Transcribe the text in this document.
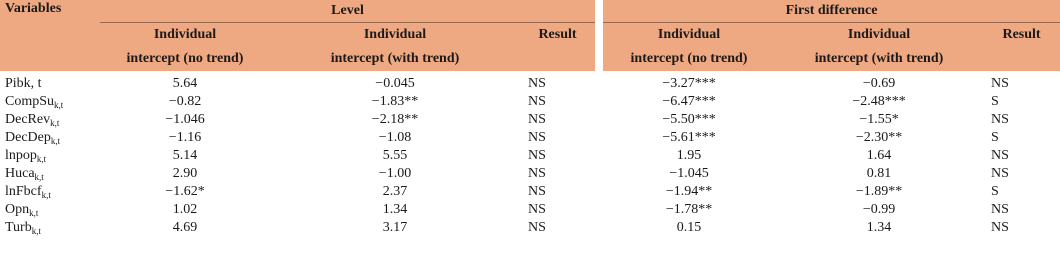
Variables	Level				First difference		
	Individual	Individual	Result		Individual	Individual	Result
	intercept (no trend)	intercept (with trend)			intercept (no trend)	intercept (with trend)	
Pibk, t	5.64	−0.045	NS		−3.27***	−0.69	NS
CompSu$_{k,t}$	−0.82	−1.83**	NS		−6.47***	−2.48***	S
DecRev$_{k,t}$	−1.046	−2.18**	NS		−5.50***	−1.55*	NS
DecDep$_{k,t}$	−1.16	−1.08	NS		−5.61***	−2.30**	S
lnpop$_{k,t}$	5.14	5.55	NS		1.95	1.64	NS
Huca$_{k,t}$	2.90	−1.00	NS		−1.045	0.81	NS
lnFbcf$_{k,t}$	−1.62*	2.37	NS		−1.94**	−1.89**	S
Opn$_{k,t}$	1.02	1.34	NS		−1.78**	−0.99	NS
Turb$_{k,t}$	4.69	3.17	NS		0.15	1.34	NS
